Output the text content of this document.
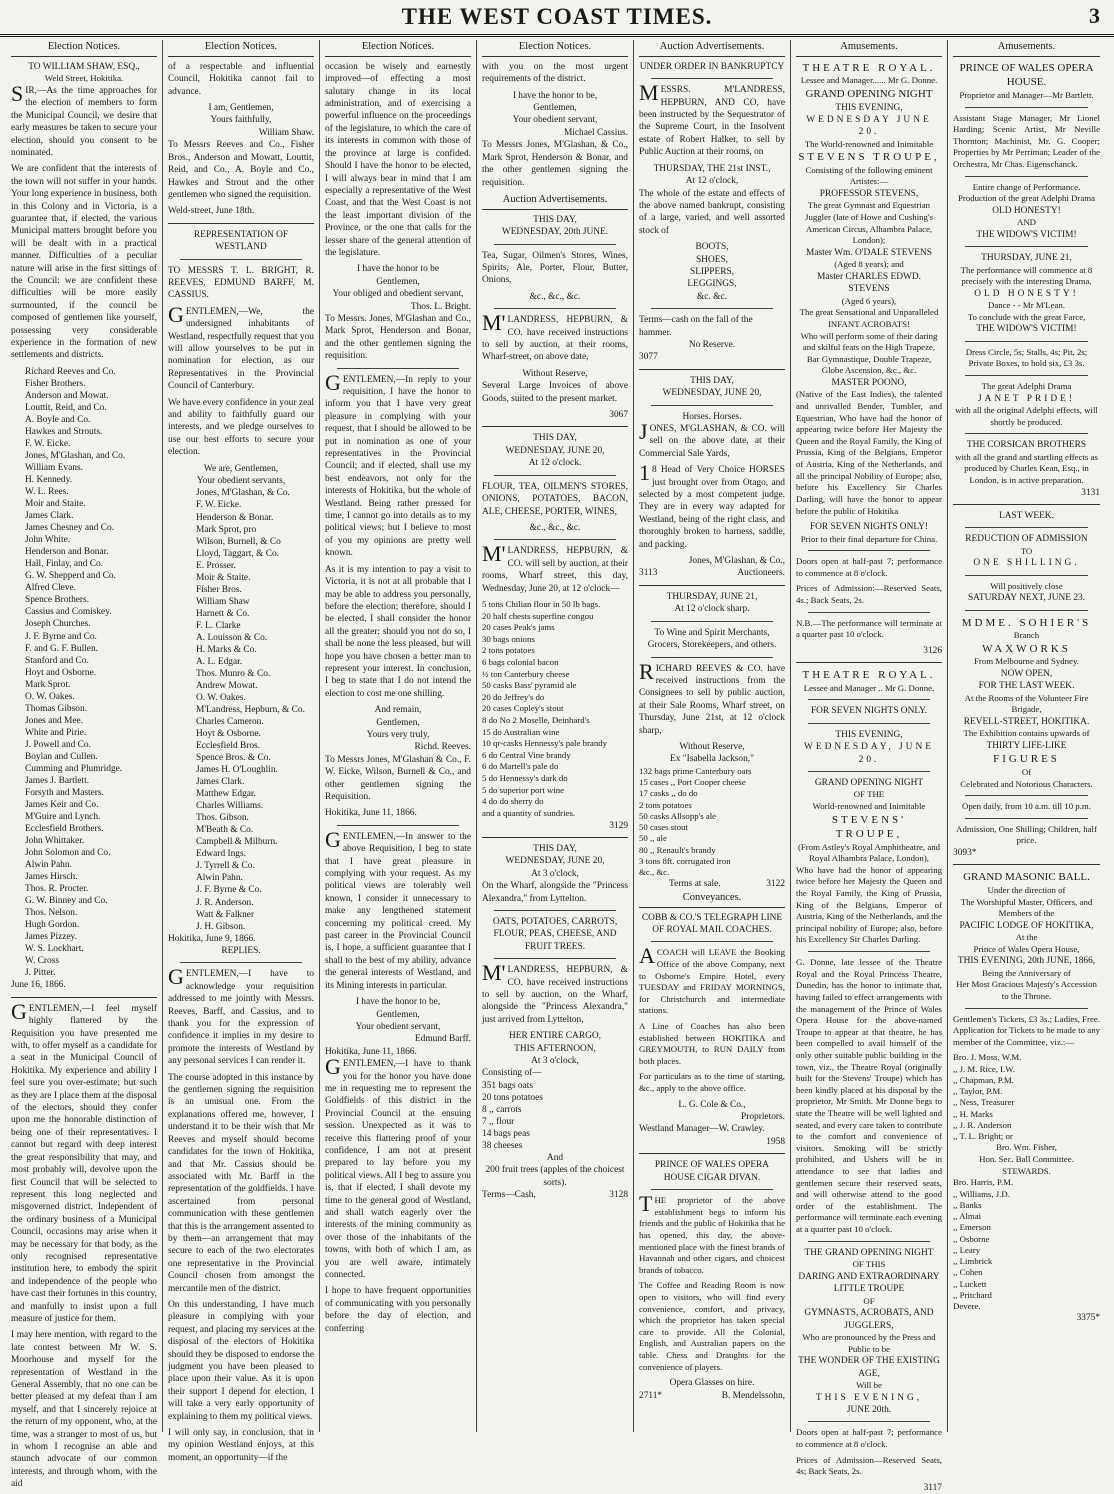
THE WEST COAST TIMES.	3
Election Notices.
TO WILLIAM SHAW, ESQ.,
Weld Street, Hokitika.

SIR,—As the time approaches for the election of members to form the Municipal Council, we desire that early measures be taken to secure your election, should you consent to be nominated.

We are confident that the interests of the town will not suffer in your hands. Your long experience in business, both in this Colony and in Victoria, is a guarantee that, if elected, the various Municipal matters brought before you will be dealt with in a practical manner. Difficulties of a peculiar nature will arise in the first sittings of the Council: we are confident these difficulties will be more easily surmounted, if the council be composed of gentlemen like yourself, possessing very considerable experience in the formation of new settlements and districts.

Richard Reeves and Co.
Fisher Brothers.
Anderson and Mowat.
Louttit, Reid, and Co.
A. Boyle and Co.
Hawkes and Strouts.
F. W. Eicke.
Jones, M'Glashan, and Co.
William Evans.
H. Kennedy.
W. L. Rees.
Moir and Staite.
James Clark.
James Chesney and Co.
John White.
Henderson and Bonar.
Hall, Finlay, and Co.
G. W. Shepperd and Co.
Alfred Cleve.
Spence Brothers.
Cassius and Comiskey.
Joseph Churches.
J. F. Byrne and Co.
F. and G. F. Bullen.
Stanford and Co.
Hoyt and Osborne.
Mark Sprot.
O. W. Oakes.
Thomas Gibson.
Jones and Mee.
White and Pirie.
J. Powell and Co.
Boylan and Cullen.
Cumming and Plumridge.
James J. Bartlett.
Forsyth and Masters.
James Keir and Co.
M'Guire and Lynch.
Ecclesfield Brothers.
John Whittaker.
John Solomon and Co.
Alwin Pahn.
James Hirsch.
Thos. R. Procter.
G. W. Binney and Co.
Thos. Nelson.
Hugh Gordon.
James Pizzey.
W. S. Lockhart.
W. Cross
J. Pitter.
June 16, 1866.

GENTLEMEN,—I feel myself highly flattered by the Requisition you have presented me with, to offer myself as a candidate for a seat in the Municipal Council of Hokitika. My experience and ability I feel sure you over-estimate; but such as they are I place them at the disposal of the electors, should they confer upon me the honorable distinction of being one of their representatives. I cannot but regard with deep interest the great responsibility that may, and most probably will, devolve upon the first Council that will be selected to represent this long neglected and misgoverned district. Independent of the ordinary business of a Municipal Council, occasions may arise when it may be necessary for that body, as the only recognised representative institution here, to embody the spirit and independence of the people who have cast their fortunes in this country, and manfully to insist upon a full measure of justice for them.

I may here mention, with regard to the late contest between Mr W. S. Moorhouse and myself for the representation of Westland in the General Assembly, that no one can be better pleased at my defeat than I am myself, and that I sincerely rejoice at the return of my opponent, who, at the time, was a stranger to most of us, but in whom I recognise an able and staunch advocate of our common interests, and through whom, with the aid

Election Notices.

of a respectable and influential Council, Hokitika cannot fail to advance.

I am, Gentlemen,
Yours faithfully,
William Shaw.

To Messrs Reeves and Co., Fisher Bros., Anderson and Mowatt, Louttit, Reid, and Co., A. Boyle and Co., Hawkes and Strout and the other gentlemen who signed the requisition.

Weld-street, June 18th.
REPRESENTATION OF WESTLAND

TO MESSRS T. L. BRIGHT, R. REEVES, EDMUND BARFF, M. CASSIUS.

GENTLEMEN,—We, the undersigned inhabitants of Westland, respectfully request that you will allow yourselves to be put in nomination for election, as our Representatives in the Provincial Council of Canterbury.

We have every confidence in your zeal and ability to faithfully guard our interests, and we pledge ourselves to use our best efforts to secure your election.

We are, Gentlemen,
Your obedient servants,
Jones, M'Glashan, & Co.
F. W. Eicke.
Henderson & Bonar.
Mark Sprot, pro
Wilson, Burnell, & Co
Lloyd, Taggart, & Co.
E. Prosser.
Moir & Staite.
Fisher Bros.
William Shaw
Harnett & Co.
F. L. Clarke
A. Louisson & Co.
H. Marks & Co.
A. L. Edgar.
Thos. Munro & Co.
Andrew Mowat.
O. W. Oakes.
M'Landress, Hepburn, & Co.
Charles Cameron.
Hoyt & Osborne.
Ecclesfield Bros.
Spence Bros. & Co.
James H. O'Loughlin.
James Clark.
Matthew Edgar.
Charles Williams.
Thos. Gibson.
M'Beath & Co.
Campbell & Milburn.
Edward Ings.
J. Tyrrell & Co.
Alwin Pahn.
J. F. Byrne & Co.
J. R. Anderson.
Watt & Falkner
J. H. Gibson.
Hokitika, June 9, 1866.
REPLIES.

GENTLEMEN,—I have to acknowledge your requisition addressed to me jointly with Messrs. Reeves, Barff, and Cassius, and to thank you for the expression of confidence it implies in my desire to promote the interests of Westland by any personal services I can render it.

The course adopted in this instance by the gentlemen signing the requisition is an unusual one. From the explanations offered me, however, I understand it to be their wish that Mr Reeves and myself should become candidates for the town of Hokitika, and that Mr. Cassius should be associated with Mr. Barff in the representation of the goldfields. I have ascertained from personal communication with these gentlemen that this is the arrangement assented to by them—an arrangement that may secure to each of the two electorates one representative in the Provincial Council chosen from amongst the mercantile men of the district.

On this understanding, I have much pleasure in complying with your request, and placing my services at the disposal of the electors of Hokitika should they be disposed to endorse the judgment you have been pleased to place upon their value. As it is upon their support I depend for election, I will take a very early opportunity of explaining to them my political views.

I will only say, in conclusion, that in my opinion Westland enjoys, at this moment, an opportunity—if the

Election Notices.

occasion be wisely and earnestly improved—of effecting a most salutary change in its local administration, and of exercising a powerful influence on the proceedings of the legislature, to which the care of its interests in common with those of the province at large is confided. Should I have the honor to be elected, I will always bear in mind that I am especially a representative of the West Coast, and that the West Coast is not the least important division of the Province, or the one that calls for the lesser share of the general attention of the legislature.

I have the honor to be
Gentlemen,
Your obliged and obedient servant,
Thos. L. Bright.

To Messrs. Jones, M'Glashan and Co., Mark Sprot, Henderson and Bonar, and the other gentlemen signing the requisition.

GENTLEMEN,—In reply to your requisition, I have the honor to inform you that I have very great pleasure in complying with your request, that I should be allowed to be put in nomination as one of your representatives in the Provincial Council; and if elected, shall use my best endeavors, not only for the interests of Hokitika, but the whole of Westland. Being rather pressed for time, I cannot go into details as to my political views; but I believe to most of you my opinions are pretty well known.

As it is my intention to pay a visit to Victoria, it is not at all probable that I may be able to address you personally, before the election; therefore, should I be elected, I shall consider the honor all the greater; should you not do so, I shall be none the less pleased, but will hope you have chosen a better man to represent your interest. In conclusion, I beg to state that I do not intend the election to cost me one shilling.

And remain,
Gentlemen,
Yours very truly,
Richd. Reeves.

To Messrs Jones, M'Glashan & Co., F. W. Eicke, Wilson, Burnell & Co., and other gentlemen signing the Requisition.

Hokitika, June 11, 1866.

GENTLEMEN,—In answer to the above Requisition, I beg to state that I have great pleasure in complying with your request. As my political views are tolerably well known, I consider it unnecessary to make any lengthened statement concerning my political creed. My past career in the Provincial Council is, I hope, a sufficient guarantee that I shall to the best of my ability, advance the general interests of Westland, and its Mining interests in particular.

I have the honor to be,
Gentlemen,
Your obedient servant,
Edmund Barff.
Hokitika, June 11, 1866.

GENTLEMEN,—I have to thank you for the honor you have done me in requesting me to represent the Goldfields of this district in the Provincial Council at the ensuing session. Unexpected as it was to receive this flattering proof of your confidence, I am not at present prepared to lay before you my political views. All I beg to assure you is, that if elected, I shall devote my time to the general good of Westland, and shall watch eagerly over the interests of the mining community as over those of the inhabitants of the towns, with both of which I am, as you are well aware, intimately connected.

I hope to have frequent opportunities of communicating with you personally before the day of election, and conferring

Election Notices.

with you on the most urgent requirements of the district.

I have the honor to be,
Gentlemen,
Your obedient servant,
Michael Cassius.

To Messrs Jones, M'Glashan, & Co., Mark Sprot, Henderson & Bonar, and the other gentlemen signing the requisition.

Auction Advertisements.
THIS DAY,
WEDNESDAY, 20th JUNE.

Tea, Sugar, Oilmen's Stores, Wines, Spirits, Ale, Porter, Flour, Butter, Onions,

&c., &c., &c.

M'LANDRESS, HEPBURN, & CO. have received instructions to sell by auction, at their rooms, Wharf-street, on above date,

Without Reserve,

Several Large Invoices of above Goods, suited to the present market.

3067
THIS DAY,
WEDNESDAY, JUNE 20,
At 12 o'clock.

FLOUR, TEA, OILMEN'S STORES, ONIONS, POTATOES, BACON, ALE, CHEESE, PORTER, WINES,

&c., &c., &c.

M'LANDRESS, HEPBURN, & CO. will sell by auction, at their rooms, Wharf street, this day, Wednesday, June 20, at 12 o'clock—

5 tons Chilian flour in 50 lb bags.
20 half chests superfine congou
20 cases Peak's jams
30 bags onions
2 tons potatoes
6 bags colonial bacon
½ ton Canterbury cheese
50 casks Bass' pyramid ale
20 do Jeffrey's do
20 cases Copley's stout
8 do No 2 Moselle, Deinhard's
15 do Australian wine
10 qr-casks Hennessy's pale brandy
6 do Central Vine brandy
6 do Martell's pale do
5 do Hennessy's dark do
5 do superior port wine
4 do do sherry do
and a quantity of sundries.
3129
THIS DAY,
WEDNESDAY, JUNE 20,
At 3 o'clock,

On the Wharf, alongside the "Princess Alexandra," from Lyttelton.

OATS, POTATOES, CARROTS, FLOUR, PEAS, CHEESE, AND FRUIT TREES.

M'LANDRESS, HEPBURN, & CO. have received instructions to sell by auction, on the Wharf, alongside the "Princess Alexandra," just arrived from Lyttelton,

HER ENTIRE CARGO,
THIS AFTERNOON,
At 3 o'clock,
Consisting of—
351 bags oats
20 tons potatoes
8 ,, carrots
7 ,, flour
14 bags peas
38 cheeses
And
200 fruit trees (apples of the choicest sorts).
Terms—Cash,	3128
Auction Advertisements.
UNDER ORDER IN BANKRUPTCY

MESSRS. M'LANDRESS, HEPBURN, AND CO, have been instructed by the Sequestrator of the Supreme Court, in the Insolvent estate of Robert Halker, to sell by Public Auction at their rooms, on

THURSDAY, THE 21st INST.,
At 12 o'clock,

The whole of the estate and effects of the above named bankrupt, consisting of a large, varied, and well assorted stock of

BOOTS,
SHOES,
SLIPPERS,
LEGGINGS,
&c. &c.
Terms—cash on the fall of the hammer.
No Reserve.
3077
THIS DAY,
WEDNESDAY, JUNE 20,
Horses. Horses.

JONES, M'GLASHAN, & CO. will sell on the above date, at their Commercial Sale Yards,

18 Head of Very Choice HORSES just brought over from Otago, and selected by a most competent judge. They are in every way adapted for Westland, being of the right class, and thoroughly broken to harness, saddle, and packing.

Jones, M'Glashan, & Co.,
3113	Auctioneers.
THURSDAY, JUNE 21,
At 12 o'clock sharp.

To Wine and Spirit Merchants, Grocers, Storekeepers, and others.

RICHARD REEVES & CO. have received instructions from the Consignees to sell by public auction, at their Sale Rooms, Wharf street, on Thursday, June 21st, at 12 o'clock sharp,

Without Reserve,
Ex "Isabella Jackson,"
132 bags prime Canterbury oats
15 cases ,, Port Cooper cheese
17 casks ,, do do
2 tons potatoes
50 casks Allsopp's ale
50 cases stout
50 ,, ale
80 ,, Renault's brandy
3 tons 8ft. corrugated iron
&c., &c.
Terms at sale.	3122
Conveyances.
COBB & CO.'S TELEGRAPH LINE OF ROYAL MAIL COACHES.

ACOACH will LEAVE the Booking Office of the above Company, next to Osborne's Empire Hotel, every TUESDAY and FRIDAY MORNINGS, for Christchurch and intermediate stations.

A Line of Coaches has also been established between HOKITIKA and GREYMOUTH, to RUN DAILY from both places.

For particulars as to the time of starting, &c., apply to the above office.

L. G. Cole & Co.,
Proprietors.
Westland Manager—W. Crawley.
1958
PRINCE OF WALES OPERA HOUSE CIGAR DIVAN.

THE proprietor of the above establishment begs to inform his friends and the public of Hokitika that he has opened, this day, the above-mentioned place with the finest brands of Havannah and other cigars, and choicest brands of tobacco.

The Coffee and Reading Room is now open to visitors, who will find every convenience, comfort, and privacy, which the proprietor has taken special care to provide. All the Colonial, English, and Australian papers on the table. Chess and Draughts for the convenience of players.

Opera Glasses on hire.
2711*	B. Mendelssohn,
Amusements.
THEATRE ROYAL.
Lessee and Manager...... Mr G. Donne.
GRAND OPENING NIGHT
THIS EVENING,
WEDNESDAY JUNE 20.
The World-renowned and Inimitable
STEVENS TROUPE,
Consisting of the following eminent Artistes:—
PROFESSOR STEVENS,
The great Gymnast and Equestrian Juggler (late of Howe and Cushing's American Circus, Alhambra Palace, London);
Master Wm. O'DALE STEVENS
(Aged 8 years); and
Master CHARLES EDWD. STEVENS
(Aged 6 years),
The great Sensational and Unparalleled INFANT ACROBATS!
Who will perform some of their daring and skilful feats on the High Trapeze, Bar Gymnastique, Double Trapeze, Globe Ascension, &c., &c.
MASTER POONO,

(Native of the East Indies), the talented and unrivalled Bender, Tumbler, and Equestrian, Who have had the honor of appearing twice before Her Majesty the Queen and the Royal Family, the King of Prussia, King of the Belgians, Emperor of Austria, King of the Netherlands, and all the principal Nobility of Europe; also, before his Excellency Sir Charles Darling, will have the honor to appear before the public of Hokitika

FOR SEVEN NIGHTS ONLY!
Prior to their final departure for China.

Doors open at half-past 7; performance to commence at 8 o'clock.

Prices of Admission:—Reserved Seats, 4s.; Back Seats, 2s.

N.B.—The performance will terminate at a quarter past 10 o'clock.

3126
THEATRE ROYAL.
Lessee and Manager .. Mr G. Donne.
FOR SEVEN NIGHTS ONLY.
THIS EVENING,
WEDNESDAY, JUNE 20.
GRAND OPENING NIGHT
OF THE
World-renowned and Inimitable
STEVENS' TROUPE,
(From Astley's Royal Amphitheatre, and Royal Alhambra Palace, London),

Who have had the honor of appearing twice before her Majesty the Queen and the Royal Family, the King of Prussia, King of the Belgians, Emperor of Austria, King of the Netherlands, and the principal nobility of Europe; also, before his Excellency Sir Charles Darling.

G. Donne, late lessee of the Theatre Royal and the Royal Princess Theatre, Dunedin, has the honor to intimate that, having failed to effect arrangements with the management of the Prince of Wales Opera House for the above-named Troupe to appear at that theatre, he has been compelled to avail himself of the only other suitable public building in the town, viz., the Theatre Royal (originally built for the Stevens' Troupe) which has been kindly placed at his disposal by the proprietor, Mr Smith. Mr Donne begs to state the Theatre will be well lighted and seated, and every care taken to contribute to the comfort and convenience of visitors. Smoking will be strictly prohibited, and Ushers will be in attendance to see that ladies and gentlemen secure their reserved seats, and will otherwise attend to the good order of the establishment. The performance will terminate each evening at a quarter past 10 o'clock.

THE GRAND OPENING NIGHT
OF THIS
DARING AND EXTRAORDINARY LITTLE TROUPE
OF
GYMNASTS, ACROBATS, AND JUGGLERS,
Who are pronounced by the Press and Public to be
THE WONDER OF THE EXISTING AGE,
Will be
THIS EVENING,
JUNE 20th.

Doors open at half-past 7; performance to commence at 8 o'clock.

Prices of Admission—Reserved Seats, 4s; Back Seats, 2s.

3117
Amusements.
PRINCE OF WALES OPERA HOUSE.
Proprietor and Manager—Mr Bartlett.

Assistant Stage Manager, Mr Lionel Harding; Scenic Artist, Mr Neville Thornton; Machinist, Mr. G. Cooper; Properties by Mr Perriman; Leader of the Orchestra, Mr Chas. Eigenschanck.

Entire change of Performance.
Production of the great Adelphi Drama
OLD HONESTY!
AND
THE WIDOW'S VICTIM!
THURSDAY, JUNE 21,
The performance will commence at 8 precisely with the interesting Drama,
OLD HONESTY!
Dance - - Mr M'Lean.
To conclude with the great Farce,
THE WIDOW'S VICTIM!
Dress Circle, 5s; Stalls, 4s; Pit, 2s; Private Boxes, to hold six, £3 3s.
The great Adelphi Drama
JANET PRIDE!
with all the original Adelphi effects, will shortly be produced.
THE CORSICAN BROTHERS
with all the grand and startling effects as produced by Charles Kean, Esq., in London, is in active preparation.
3131
LAST WEEK.
REDUCTION OF ADMISSION
TO
ONE SHILLING.
Will positively close
SATURDAY NEXT, JUNE 23.
MDME. SOHIER'S
Branch
WAXWORKS
From Melbourne and Sydney.
NOW OPEN,
FOR THE LAST WEEK.
At the Rooms of the Volunteer Fire Brigade,
REVELL-STREET, HOKITIKA.
The Exhibition contains upwards of
THIRTY LIFE-LIKE
FIGURES
Of
Celebrated and Notorious Characters.
Open daily, from 10 a.m. till 10 p.m.
Admission, One Shilling; Children, half price.
3093*
GRAND MASONIC BALL.
Under the direction of
The Worshipful Master, Officers, and
Members of the
PACIFIC LODGE OF HOKITIKA,
At the
Prince of Wales Opera House,
THIS EVENING, 20th JUNE, 1866,
Being the Anniversary of
Her Most Gracious Majesty's Accession to the Throne.
Gentlemen's Tickets, £3 3s.; Ladies, Free.

Application for Tickets to be made to any member of the Committee, viz.:—

Bro. J. Moss, W.M.
,, J. M. Rice, I.W.
,, Chapman, P.M.
,, Taylor, P.M.
,, Ness, Treasurer
,, H. Marks
,, J. R. Anderson
,, T. L. Bright; or
Bro. Wm. Fisher,
Hon. Sec. Ball Committee.
STEWARDS.
Bro. Harris, P.M.
,, Williams, J.D.
,, Banks
,, Almai
,, Emerson
,, Osborne
,, Leary
,, Limbrick
,, Cohen
,, Luckett
,, Pritchard
Devere.
3375*
